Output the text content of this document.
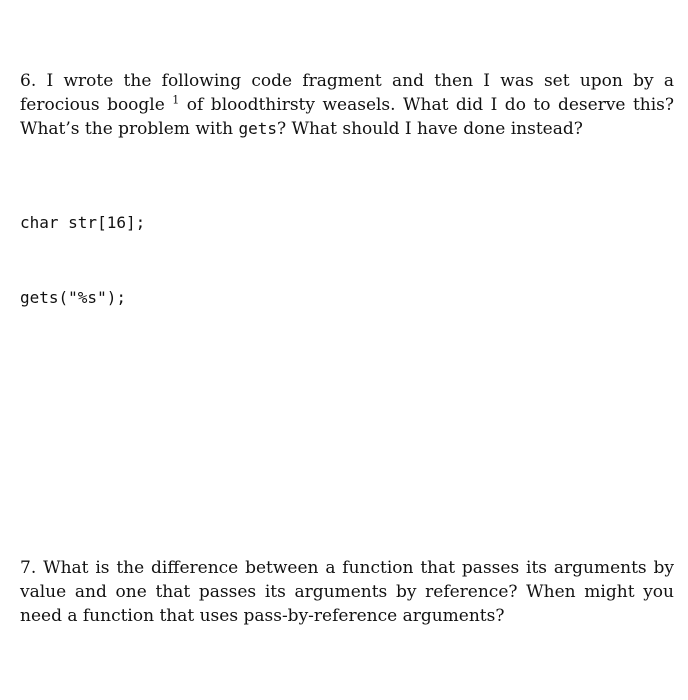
6. I wrote the following code fragment and then I was set upon by a ferocious boogle $^1$ of bloodthirsty weasels. What did I do to deserve this? What’s the problem with gets? What should I have done instead?

char str[16];

gets("%s");

7. What is the difference between a function that passes its arguments by value and one that passes its arguments by reference? When might you need a function that uses pass-by-reference arguments?
